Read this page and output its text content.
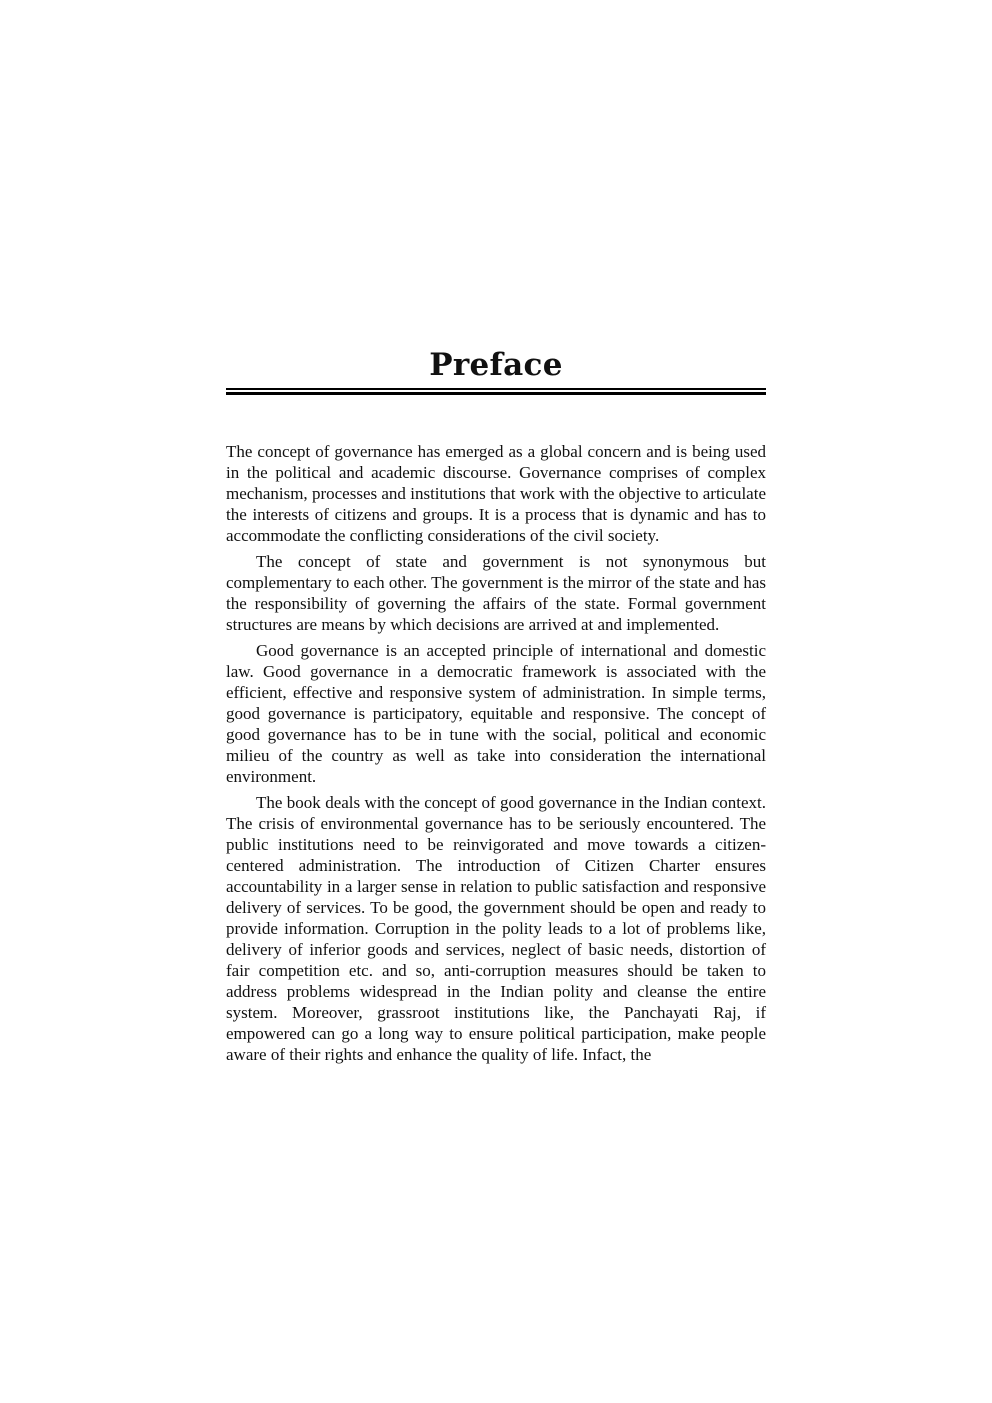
Preface

The concept of governance has emerged as a global concern and is being used in the political and academic discourse. Governance comprises of complex mechanism, processes and institutions that work with the objective to articulate the interests of citizens and groups. It is a process that is dynamic and has to accommodate the conflicting considerations of the civil society.

The concept of state and government is not synonymous but complementary to each other. The government is the mirror of the state and has the responsibility of governing the affairs of the state. Formal government structures are means by which decisions are arrived at and implemented.

Good governance is an accepted principle of international and domestic law. Good governance in a democratic framework is associated with the efficient, effective and responsive system of administration. In simple terms, good governance is participatory, equitable and responsive. The concept of good governance has to be in tune with the social, political and economic milieu of the country as well as take into consideration the international environment.

The book deals with the concept of good governance in the Indian context. The crisis of environmental governance has to be seriously encountered. The public institutions need to be reinvigorated and move towards a citizen-centered administration. The introduction of Citizen Charter ensures accountability in a larger sense in relation to public satisfaction and responsive delivery of services. To be good, the government should be open and ready to provide information. Corruption in the polity leads to a lot of problems like, delivery of inferior goods and services, neglect of basic needs, distortion of fair competition etc. and so, anti-corruption measures should be taken to address problems widespread in the Indian polity and cleanse the entire system. Moreover, grassroot institutions like, the Panchayati Raj, if empowered can go a long way to ensure political participation, make people aware of their rights and enhance the quality of life. Infact, the
